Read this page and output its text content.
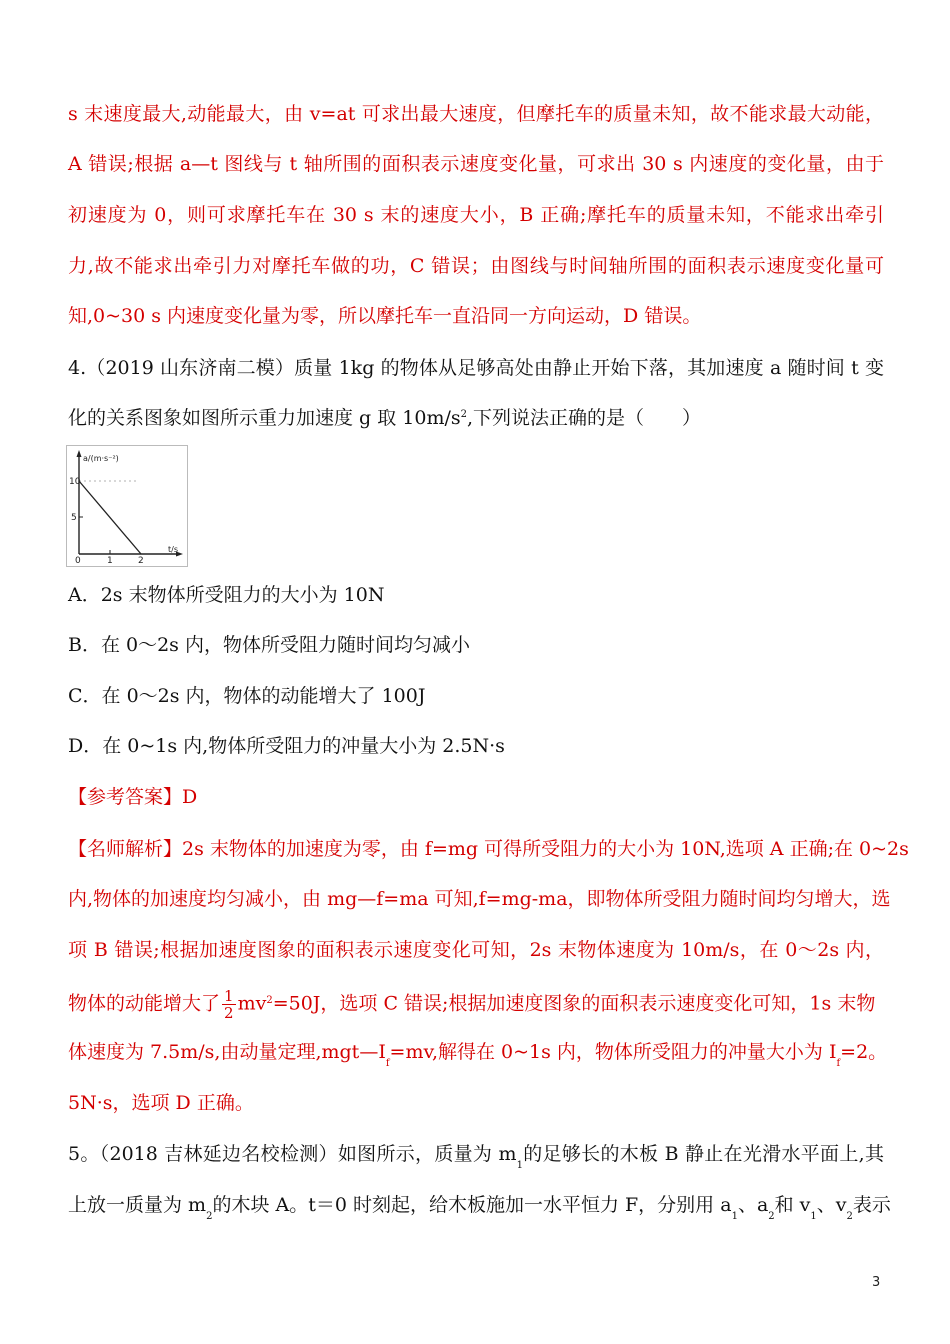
s 末速度最大,动能最大，由 v=at 可求出最大速度，但摩托车的质量未知，故不能求最大动能，
A 错误;根据 a—t 图线与 t 轴所围的面积表示速度变化量，可求出 30 s 内速度的变化量，由于
初速度为 0，则可求摩托车在 30 s 末的速度大小，B 正确;摩托车的质量未知，不能求出牵引
力,故不能求出牵引力对摩托车做的功，C 错误；由图线与时间轴所围的面积表示速度变化量可
知,0~30 s 内速度变化量为零，所以摩托车一直沿同一方向运动，D 错误。
4.（2019 山东济南二模）质量 1kg 的物体从足够高处由静止开始下落，其加速度 a 随时间 t 变
化的关系图象如图所示重力加速度 g 取 $10m/s^2$,下列说法正确的是（　　）
a/(m·s⁻²)
t/s
10
5
0	1	2
A．2s 末物体所受阻力的大小为 10N
B．在 0～2s 内，物体所受阻力随时间均匀减小
C．在 0～2s 内，物体的动能增大了 100J
D．在 0~1s 内,物体所受阻力的冲量大小为 2.5N·s
【参考答案】D
【名师解析】2s 末物体的加速度为零，由 f=mg 可得所受阻力的大小为 10N,选项 A 正确;在 0~2s
内,物体的加速度均匀减小，由 mg—f=ma 可知,f=mg-ma，即物体所受阻力随时间均匀增大，选
项 B 错误;根据加速度图象的面积表示速度变化可知，2s 末物体速度为 10m/s，在 0～2s 内，
物体的动能增大了 $\frac{1}{2} mv^2=50J$，选项 C 错误;根据加速度图象的面积表示速度变化可知，1s 末物
体速度为 7.5m/s,由动量定理$,mgt—I_f=mv$,解得在 0~1s 内，物体所受阻力的冲量大小为 $I_f=2$。
5N·s，选项 D 正确。
5。（2018 吉林延边名校检测）如图所示，质量为 $m_1$的足够长的木板 B 静止在光滑水平面上,其
上放一质量为 $m_2$的木块 A。t＝0 时刻起，给木板施加一水平恒力 F，分别用 $a_1$、$a_2$和 $v_1$、$v_2$表示
3
